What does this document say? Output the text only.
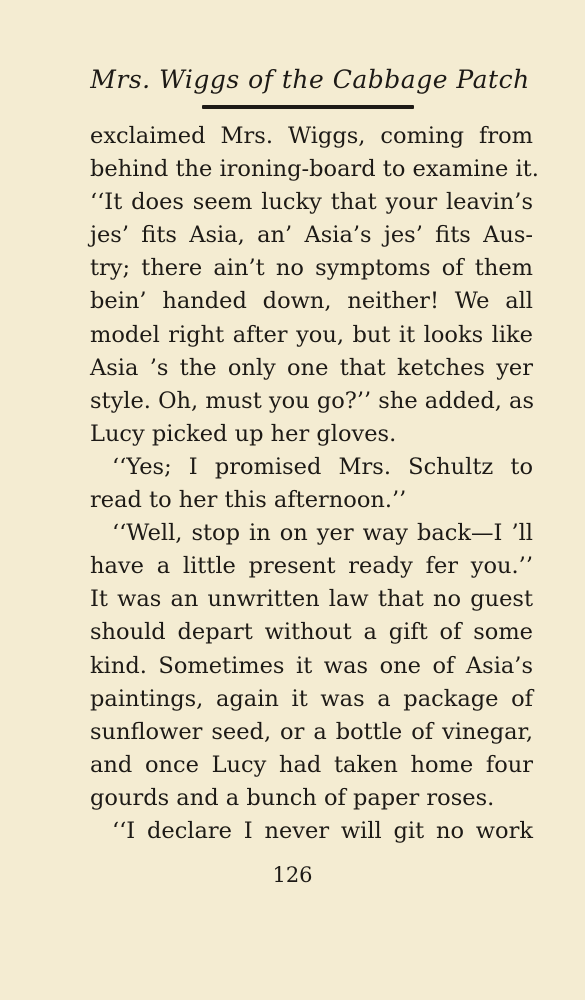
Mrs. Wiggs of the Cabbage Patch
exclaimed Mrs. Wiggs, coming from
behind the ironing-board to examine it.
‘‘It does seem lucky that your leavin’s
jes’ fits Asia, an’ Asia’s jes’ fits Aus-
try; there ain’t no symptoms of them
bein’ handed down, neither! We all
model right after you, but it looks like
Asia ’s the only one that ketches yer
style. Oh, must you go?’’ she added, as
Lucy picked up her gloves.
‘‘Yes; I promised Mrs. Schultz to
read to her this afternoon.’’
‘‘Well, stop in on yer way back—I ’ll
have a little present ready fer you.’’
It was an unwritten law that no guest
should depart without a gift of some
kind. Sometimes it was one of Asia’s
paintings, again it was a package of
sunflower seed, or a bottle of vinegar,
and once Lucy had taken home four
gourds and a bunch of paper roses.
‘‘I declare I never will git no work
126
